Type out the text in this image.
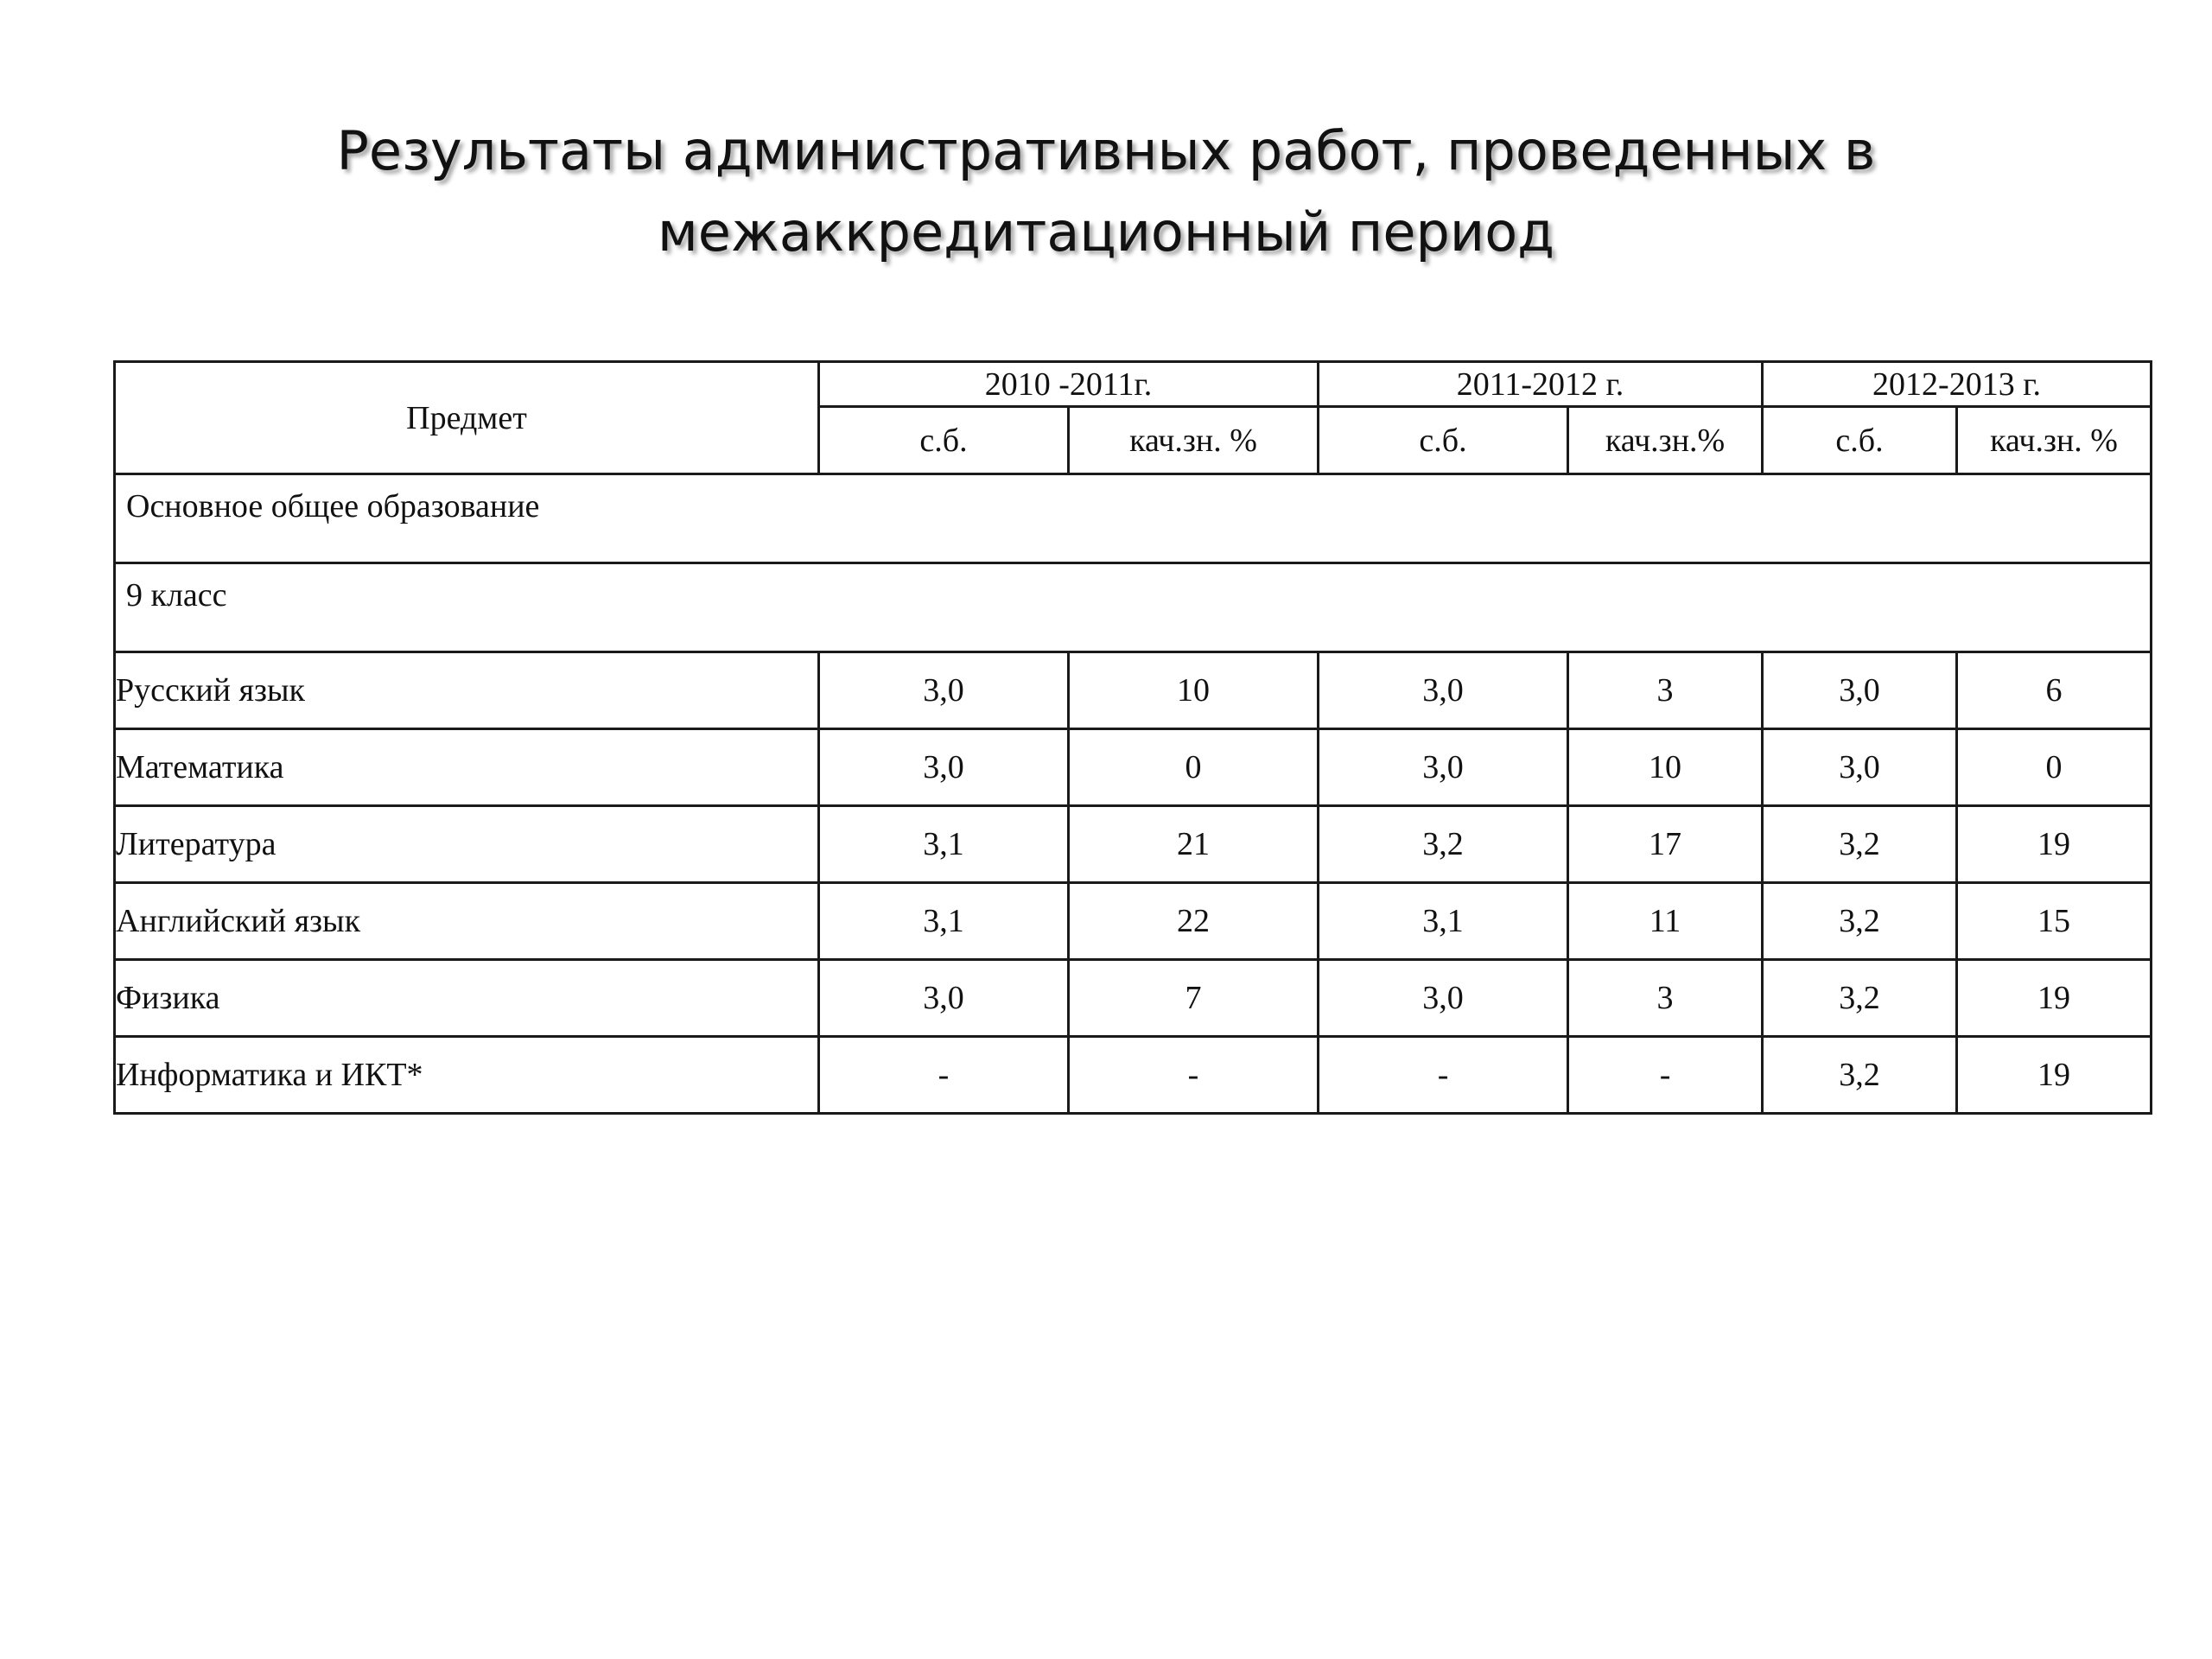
Результаты административных работ, проведенных в
межаккредитационный период
Предмет	2010 -2011г.		2011-2012 г.		2012-2013 г.	
	с.б.	кач.зн. %	с.б.	кач.зн.%	с.б.	кач.зн. %
Основное общее образование						
9 класс						
Русский язык	3,0	10	3,0	3	3,0	6
Математика	3,0	0	3,0	10	3,0	0
Литература	3,1	21	3,2	17	3,2	19
Английский язык	3,1	22	3,1	11	3,2	15
Физика	3,0	7	3,0	3	3,2	19
Информатика и ИКТ*	-	-	-	-	3,2	19
